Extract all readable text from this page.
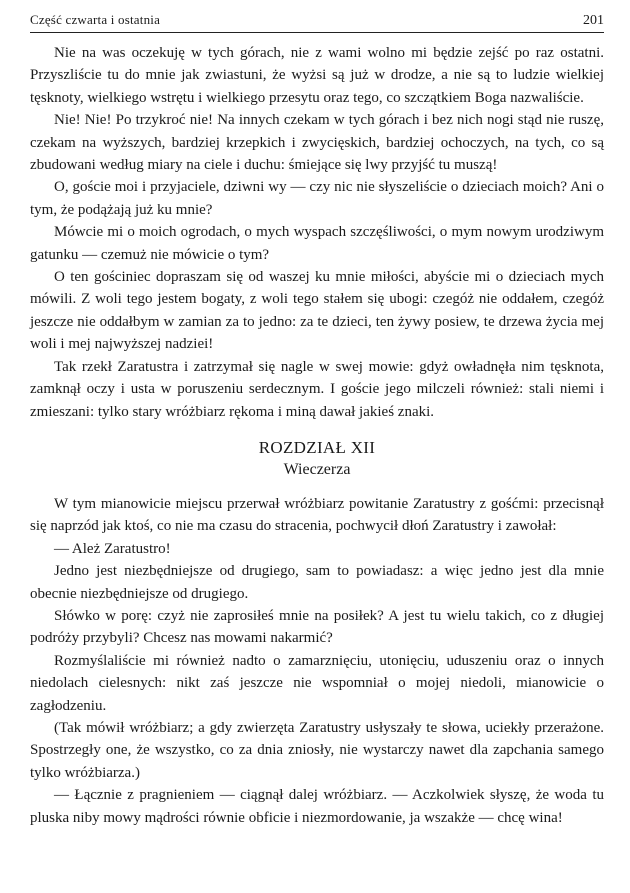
Część czwarta i ostatnia	201

Nie na was oczekuję w tych górach, nie z wami wolno mi będzie zejść po raz ostatni. Przyszliście tu do mnie jak zwiastuni, że wyżsi są już w drodze, a nie są to ludzie wielkiej tęsknoty, wielkiego wstrętu i wielkiego przesytu oraz tego, co szczątkiem Boga nazwaliście.

Nie! Nie! Po trzykroć nie! Na innych czekam w tych górach i bez nich nogi stąd nie ruszę, czekam na wyższych, bardziej krzepkich i zwycięskich, bardziej ochoczych, na tych, co są zbudowani według miary na ciele i duchu: śmiejące się lwy przyjść tu muszą!

O, goście moi i przyjaciele, dziwni wy — czy nic nie słyszeliście o dzieciach moich? Ani o tym, że podążają już ku mnie?

Mówcie mi o moich ogrodach, o mych wyspach szczęśliwości, o mym nowym urodziwym gatunku — czemuż nie mówicie o tym?

O ten gościniec dopraszam się od waszej ku mnie miłości, abyście mi o dzieciach mych mówili. Z woli tego jestem bogaty, z woli tego stałem się ubogi: czegóż nie oddałem, czegóż jeszcze nie oddałbym w zamian za to jedno: za te dzieci, ten żywy posiew, te drzewa życia mej woli i mej najwyższej nadziei!

Tak rzekł Zaratustra i zatrzymał się nagle w swej mowie: gdyż owładnęła nim tęsknota, zamknął oczy i usta w poruszeniu serdecznym. I goście jego milczeli również: stali niemi i zmieszani: tylko stary wróżbiarz rękoma i miną dawał jakieś znaki.

ROZDZIAŁ XII
Wieczerza

W tym mianowicie miejscu przerwał wróżbiarz powitanie Zaratustry z gośćmi: przecisnął się naprzód jak ktoś, co nie ma czasu do stracenia, pochwycił dłoń Zaratustry i zawołał:

— Ależ Zaratustro!

Jedno jest niezbędniejsze od drugiego, sam to powiadasz: a więc jedno jest dla mnie obecnie niezbędniejsze od drugiego.

Słówko w porę: czyż nie zaprosiłeś mnie na posiłek? A jest tu wielu takich, co z długiej podróży przybyli? Chcesz nas mowami nakarmić?

Rozmyślaliście mi również nadto o zamarznięciu, utonięciu, uduszeniu oraz o innych niedolach cielesnych: nikt zaś jeszcze nie wspomniał o mojej niedoli, mianowicie o zagłodzeniu.

(Tak mówił wróżbiarz; a gdy zwierzęta Zaratustry usłyszały te słowa, uciekły przerażone. Spostrzegły one, że wszystko, co za dnia zniosły, nie wystarczy nawet dla zapchania samego tylko wróżbiarza.)

— Łącznie z pragnieniem — ciągnął dalej wróżbiarz. — Aczkolwiek słyszę, że woda tu pluska niby mowy mądrości równie obficie i niezmordowanie, ja wszakże — chcę wina!
